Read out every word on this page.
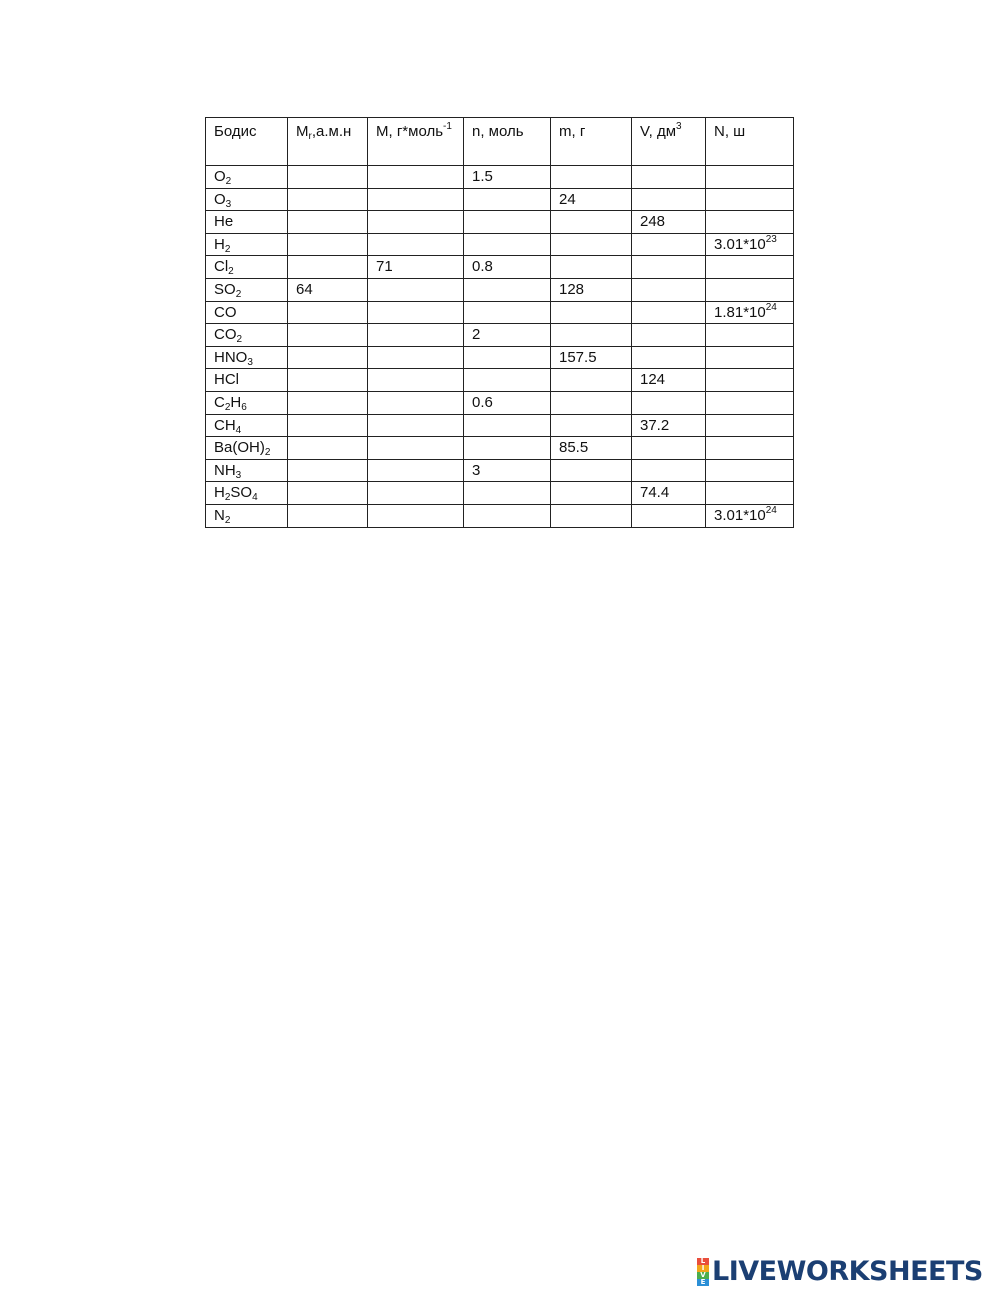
Бодис	$M_r,а.м.н$	M, г*моль$^{-1}$	n, моль	m, г	V, $дм^3$	N, ш
$O_2$			1.5			
$O_3$				24		
He					248	
$H_2$						$3.01*10^{23}$
$Cl_2$		71	0.8			
$SO_2$	64			128		
CO						$1.81*10^{24}$
$CO_2$			2			
$HNO_3$				157.5		
HCl					124	
$C_2H_6$			0.6			
$CH_4$					37.2	
$Ba(OH)_2$				85.5		
$NH_3$			3			
$H_2SO_4$					74.4	
$N_2$						$3.01*10^{24}$
L
I
V
E LIVEWORKSHEETS
